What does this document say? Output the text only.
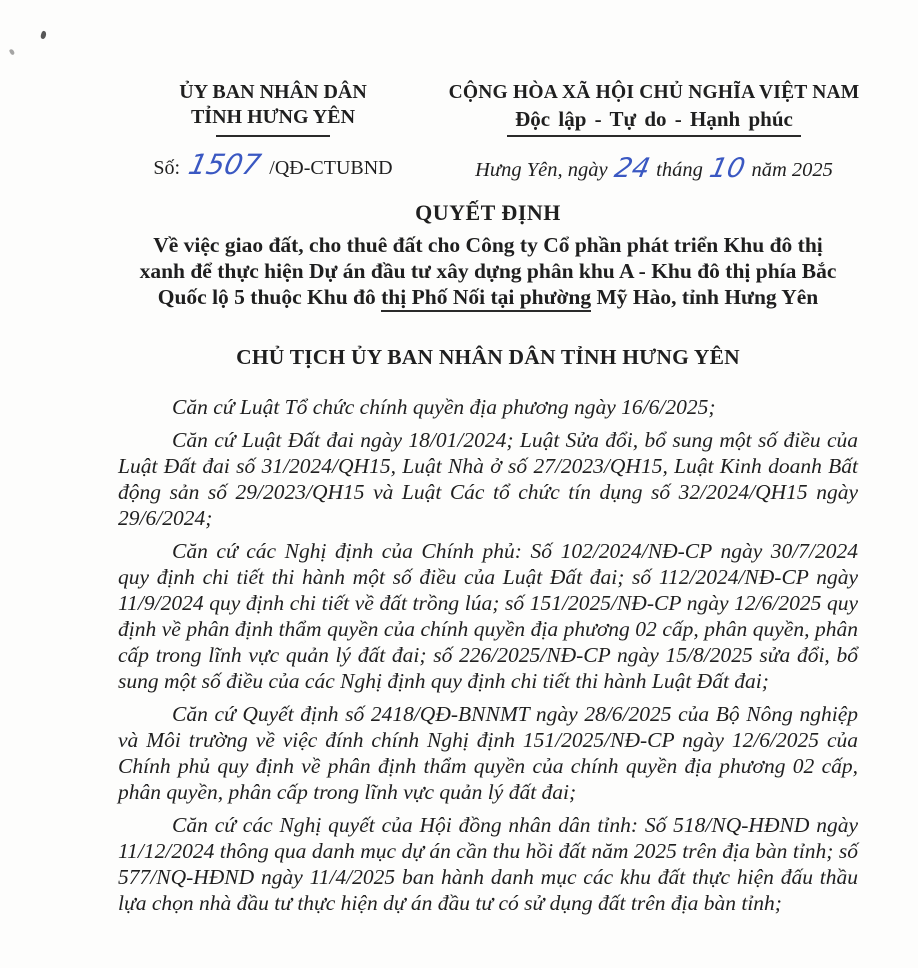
ỦY BAN NHÂN DÂN
TỈNH HƯNG YÊN
Số: 1507 /QĐ-CTUBND
CỘNG HÒA XÃ HỘI CHỦ NGHĨA VIỆT NAM
Độc lập - Tự do - Hạnh phúc
Hưng Yên, ngày 24 tháng 10 năm 2025
QUYẾT ĐỊNH
Về việc giao đất, cho thuê đất cho Công ty Cổ phần phát triển Khu đô thị
xanh để thực hiện Dự án đầu tư xây dựng phân khu A - Khu đô thị phía Bắc
Quốc lộ 5 thuộc Khu đô thị Phố Nối tại phường Mỹ Hào, tỉnh Hưng Yên
CHỦ TỊCH ỦY BAN NHÂN DÂN TỈNH HƯNG YÊN

Căn cứ Luật Tổ chức chính quyền địa phương ngày 16/6/2025;

Căn cứ Luật Đất đai ngày 18/01/2024; Luật Sửa đổi, bổ sung một số điều của Luật Đất đai số 31/2024/QH15, Luật Nhà ở số 27/2023/QH15, Luật Kinh doanh Bất động sản số 29/2023/QH15 và Luật Các tổ chức tín dụng số 32/2024/QH15 ngày 29/6/2024;

Căn cứ các Nghị định của Chính phủ: Số 102/2024/NĐ-CP ngày 30/7/2024 quy định chi tiết thi hành một số điều của Luật Đất đai; số 112/2024/NĐ-CP ngày 11/9/2024 quy định chi tiết về đất trồng lúa; số 151/2025/NĐ-CP ngày 12/6/2025 quy định về phân định thẩm quyền của chính quyền địa phương 02 cấp, phân quyền, phân cấp trong lĩnh vực quản lý đất đai; số 226/2025/NĐ-CP ngày 15/8/2025 sửa đổi, bổ sung một số điều của các Nghị định quy định chi tiết thi hành Luật Đất đai;

Căn cứ Quyết định số 2418/QĐ-BNNMT ngày 28/6/2025 của Bộ Nông nghiệp và Môi trường về việc đính chính Nghị định 151/2025/NĐ-CP ngày 12/6/2025 của Chính phủ quy định về phân định thẩm quyền của chính quyền địa phương 02 cấp, phân quyền, phân cấp trong lĩnh vực quản lý đất đai;

Căn cứ các Nghị quyết của Hội đồng nhân dân tỉnh: Số 518/NQ-HĐND ngày 11/12/2024 thông qua danh mục dự án cần thu hồi đất năm 2025 trên địa bàn tỉnh; số 577/NQ-HĐND ngày 11/4/2025 ban hành danh mục các khu đất thực hiện đấu thầu lựa chọn nhà đầu tư thực hiện dự án đầu tư có sử dụng đất trên địa bàn tỉnh;
